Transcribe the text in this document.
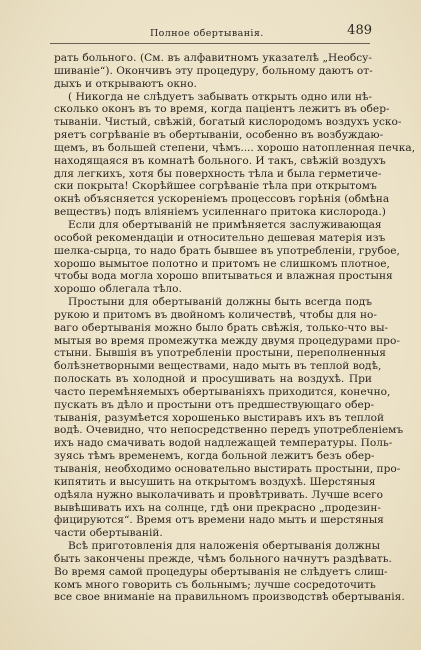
Полное обертыванiя.	489
рать больного. (См. въ алфавитномъ указателѣ „Необсу-
шиванiе“). Окончивъ эту процедуру, больному даютъ от-
дыхъ и открываютъ окно.
( Никогда не слѣдуетъ забывать открыть одно или нѣ-
сколько оконъ въ то время, когда пацiентъ лежитъ въ обер-
тыванiи. Чистый, свѣжiй, богатый кислородомъ воздухъ уско-
ряетъ согрѣванiе въ обертыванiи, особенно въ возбуждаю-
щемъ, въ большей степени, чѣмъ.... хорошо натопленная печка,
находящаяся въ комнатѣ больного. И такъ, свѣжiй воздухъ
для легкихъ, хотя бы поверхность тѣла и была герметиче-
ски покрыта! Скорѣйшее согрѣванiе тѣла при открытомъ
окнѣ объясняется ускоренiемъ процессовъ горѣнiя (обмѣна
веществъ) подъ влiянiемъ усиленнаго притока кислорода.)
Если для обертыванiй не примѣняется заслуживающая
особой рекомендацiи и относительно дешевая матерiя изъ
шелка-сырца, то надо брать бывшее въ употребленiи, грубое,
хорошо вымытое полотно и притомъ не слишкомъ плотное,
чтобы вода могла хорошо впитываться и влажная простыня
хорошо облегала тѣло.
Простыни для обертыванiй должны быть всегда подъ
рукою и притомъ въ двойномъ количествѣ, чтобы для но-
ваго обертыванiя можно было брать свѣжiя, только-что вы-
мытыя во время промежутка между двумя процедурами про-
стыни. Бывшiя въ употребленiи простыни, переполненныя
болѣзнетворными веществами, надо мыть въ теплой водѣ,
полоскать въ холодной и просушивать на воздухѣ. При
часто перемѣняемыхъ обертыванiяхъ приходится, конечно,
пускать въ дѣло и простыни отъ предшествующаго обер-
тыванiя, разумѣется хорошенько выстиравъ ихъ въ теплой
водѣ. Очевидно, что непосредственно передъ употребленiемъ
ихъ надо смачивать водой надлежащей температуры. Поль-
зуясь тѣмъ временемъ, когда больной лежитъ безъ обер-
тыванiя, необходимо основательно выстирать простыни, про-
кипятить и высушить на открытомъ воздухѣ. Шерстяныя
одѣяла нужно выколачивать и провѣтривать. Лучше всего
вывѣшивать ихъ на солнце, гдѣ они прекрасно „продезин-
фицируются“. Время отъ времени надо мыть и шерстяныя
части обертыванiй.
Всѣ приготовленiя для наложенiя обертыванiя должны
быть закончены прежде, чѣмъ больного начнутъ раздѣвать.
Во время самой процедуры обертыванiя не слѣдуетъ слиш-
комъ много говорить съ больнымъ; лучше сосредоточить
все свое вниманiе на правильномъ производствѣ обертыванiя.
